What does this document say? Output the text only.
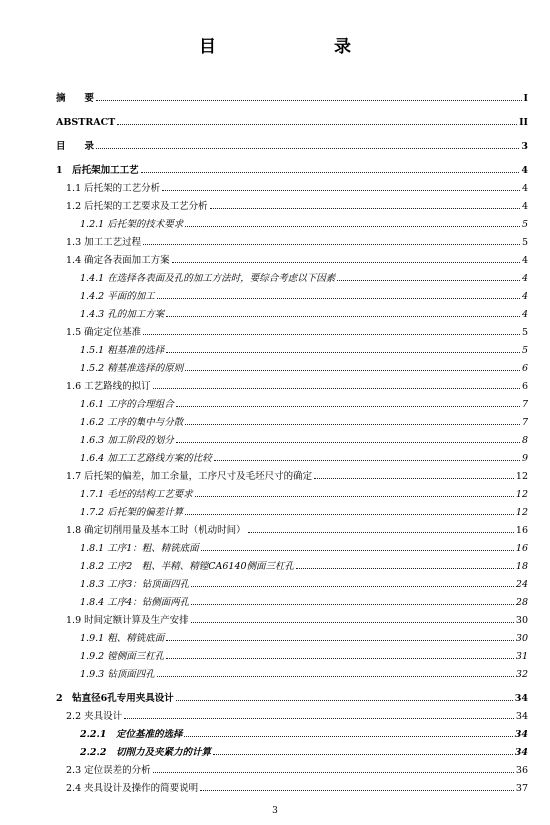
目　　录
摘　　要	I
ABSTRACT	II
目　　录	3
1　后托架加工工艺	4
1.1 后托架的工艺分析	4
1.2 后托架的工艺要求及工艺分析	4
1.2.1 后托架的技术要求	5
1.3 加工工艺过程	5
1.4 确定各表面加工方案	4
1.4.1 在选择各表面及孔的加工方法时，要综合考虑以下因素	4
1.4.2 平面的加工	4
1.4.3 孔的加工方案	4
1.5 确定定位基准	5
1.5.1 粗基准的选择	5
1.5.2 精基准选择的原则	6
1.6 工艺路线的拟订	6
1.6.1 工序的合理组合	7
1.6.2 工序的集中与分散	7
1.6.3 加工阶段的划分	8
1.6.4 加工工艺路线方案的比较	9
1.7 后托架的偏差，加工余量，工序尺寸及毛坯尺寸的确定	12
1.7.1 毛坯的结构工艺要求	12
1.7.2 后托架的偏差计算	12
1.8 确定切削用量及基本工时（机动时间）	16
1.8.1 工序1：粗、精铣底面	16
1.8.2 工序2　粗、半精、精镗CA6140侧面三杠孔	18
1.8.3 工序3：钻顶面四孔	24
1.8.4 工序4：钻侧面两孔	28
1.9 时间定额计算及生产安排	30
1.9.1 粗、精铣底面	30
1.9.2 镗侧面三杠孔	31
1.9.3 钻顶面四孔	32
2　钻直径6孔专用夹具设计	34
2.2 夹具设计	34
2.2.1　定位基准的选择	34
2.2.2　切削力及夹紧力的计算	34
2.3 定位误差的分析	36
2.4 夹具设计及操作的简要说明	37
3
